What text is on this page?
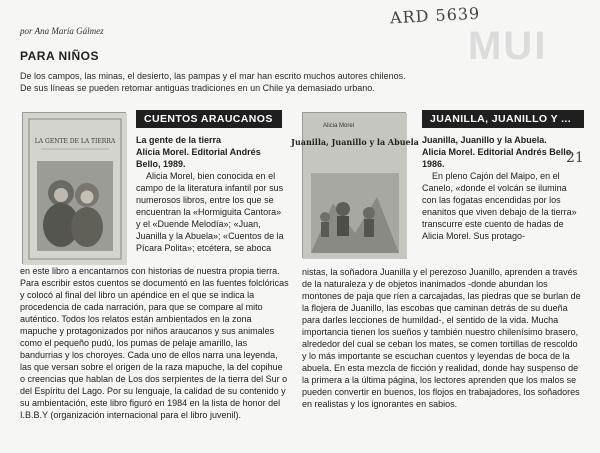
por Ana María Gálmez
ARD 5639
MUI
PARA NIÑOS

De los campos, las minas, el desierto, las pampas y el mar han escrito muchos autores chilenos.

De sus líneas se pueden retomar antiguas tradiciones en un Chile ya demasiado urbano.

LA GENTE DE LA TIERRA
CUENTOS ARAUCANOS
La gente de la tierra
Alicia Morel. Editorial Andrés Bello, 1989.
Alicia Morel, bien conocida en el campo de la literatura infantil por sus numerosos libros, entre los que se encuentran la «Hormiguita Cantora» y el «Duende Melodía»; «Juan, Juanilla y la Abuela»; «Cuentos de la Pícara Polita»; etcétera, se aboca
en este libro a encantarnos con historias de nuestra propia tierra. Para escribir estos cuentos se documentó en las fuentes folclóricas y colocó al final del libro un apéndice en el que se indica la procedencia de cada narración, para que se compare al mito auténtico. Todos los relatos están ambientados en la zona mapuche y protagonizados por niños araucanos y sus animales como el pequeño pudú, los pumas de pelaje amarillo, las bandurrias y los choroyes. Cada uno de ellos narra una leyenda, las que versan sobre el origen de la raza mapuche, la del copihue o creencias que hablan de Los dos serpientes de la tierra del Sur o del Espíritu del Lago. Por su lenguaje, la calidad de su contenido y su ambientación, este libro figuró en 1984 en la lista de honor del I.B.B.Y (organización internacional para el libro juvenil).
Alicia Morel
Juanilla, Juanillo y la Abuela
JUANILLA, JUANILLO Y ...
Juanilla, Juanillo y la Abuela.
Alicia Morel. Editorial Andrés Bello, 1986.
En pleno Cajón del Maipo, en el Canelo, «donde el volcán se ilumina con las fogatas encendidas por los enanitos que viven debajo de la tierra» transcurre este cuento de hadas de Alicia Morel. Sus protago-
nistas, la soñadora Juanilla y el perezoso Juanillo, aprenden a través de la naturaleza y de objetos inanimados -donde abundan los montones de paja que ríen a carcajadas, las piedras que se burlan de la flojera de Juanillo, las escobas que caminan detrás de su dueña para darles lecciones de humildad-, el sentido de la vida. Mucha importancia tienen los sueños y también nuestro chilenísimo brasero, alrededor del cual se ceban los mates, se comen tortillas de rescoldo y lo más importante se escuchan cuentos y leyendas de boca de la abuela. En esta mezcla de ficción y realidad, donde hay suspenso de la primera a la última página, los lectores aprenden que los malos se pueden convertir en buenos, los flojos en trabajadores, los soñadores en realistas y los ignorantes en sabios.
21
